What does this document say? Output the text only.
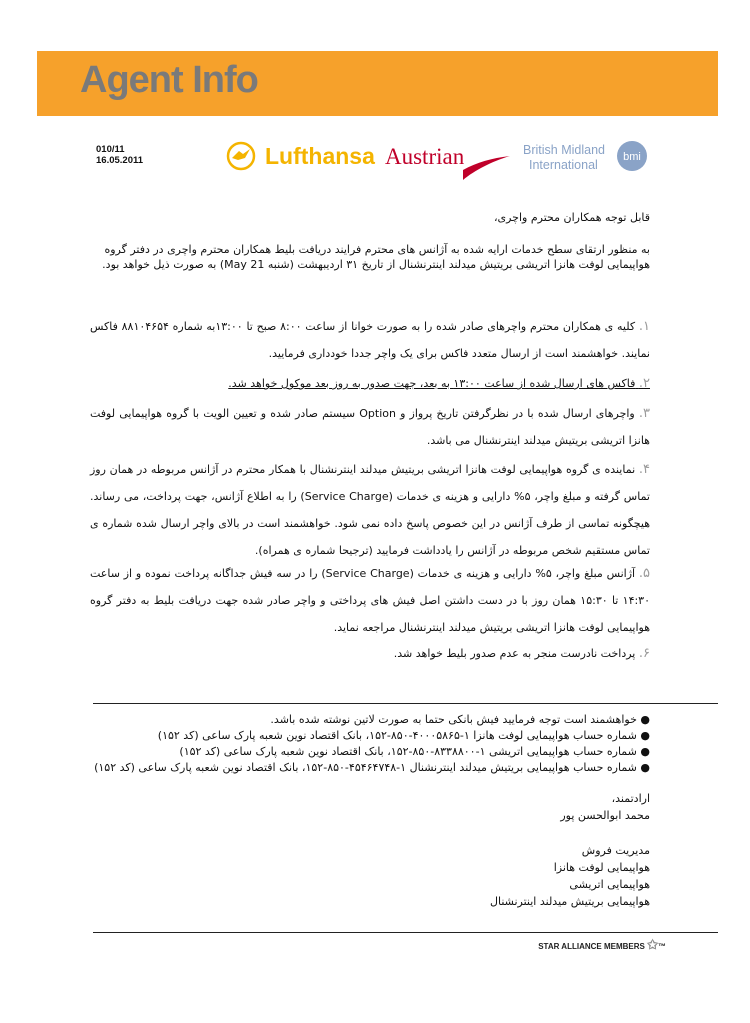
Agent Info
010/11
16.05.2011	Lufthansa Austrian	British Midland
International
bmi
قابل توجه همکاران محترم واچری،
به منظور ارتقای سطح خدمات ارایه شده به آژانس های محترم فرایند دریافت بلیط همکاران محترم واچری در دفتر گروه هواپیمایی لوفت هانزا اتریشی بریتیش میدلند اینترنشنال از تاریخ ۳۱ اردیبهشت (شنبه 21 May) به صورت ذیل خواهد بود.
۱. کلیه ی همکاران محترم واچرهای صادر شده را به صورت خوانا از ساعت ۸:۰۰ صبح تا ۱۳:۰۰به شماره ۸۸۱۰۴۶۵۴ فاکس نمایند. خواهشمند است از ارسال متعدد فاکس برای یک واچر جددا خودداری فرمایید.
۲. فاکس های ارسال شده از ساعت ۱۳:۰۰ به بعد، جهت صدور به روز بعد موکول خواهد شد.
۳. واچرهای ارسال شده با در نظرگرفتن تاریخ پرواز و Option سیستم صادر شده و تعیین الویت با گروه هواپیمایی لوفت هانزا اتریشی بریتیش میدلند اینترنشنال می باشد.
۴. نماینده ی گروه هواپیمایی لوفت هانزا اتریشی بریتیش میدلند اینترنشنال با همکار محترم در آژانس مربوطه در همان روز تماس گرفته و مبلغ واچر، ۵% دارایی و هزینه ی خدمات (Service Charge) را به اطلاع آژانس، جهت پرداخت، می رساند. هیچگونه تماسی از طرف آژانس در این خصوص پاسخ داده نمی شود. خواهشمند است در بالای واچر ارسال شده شماره ی تماس مستقیم شخص مربوطه در آژانس را یادداشت فرمایید (ترجیحا شماره ی همراه).
۵. آژانس مبلغ واچر، ۵% دارایی و هزینه ی خدمات (Service Charge) را در سه فیش جداگانه پرداخت نموده و از ساعت ۱۴:۳۰ تا ۱۵:۳۰ همان روز با در دست داشتن اصل فیش های پرداختی و واچر صادر شده جهت دریافت بلیط به دفتر گروه هواپیمایی لوفت هانزا اتریشی بریتیش میدلند اینترنشنال مراجعه نماید.
۶. پرداخت نادرست منجر به عدم صدور بلیط خواهد شد.
● خواهشمند است توجه فرمایید فیش بانکی حتما به صورت لاتین نوشته شده باشد.
● شماره حساب هواپیمایی لوفت هانزا ۱-۴۰۰۰۵۸۶۵-۸۵۰-۱۵۲، بانک اقتصاد نوین شعبه پارک ساعی (کد ۱۵۲)
● شماره حساب هواپیمایی اتریشی ۱-۸۳۳۸۸۰۰-۸۵۰-۱۵۲، بانک اقتصاد نوین شعبه پارک ساعی (کد ۱۵۲)
● شماره حساب هواپیمایی بریتیش میدلند اینترنشنال ۱-۴۵۴۶۴۷۴۸-۸۵۰-۱۵۲، بانک اقتصاد نوین شعبه پارک ساعی (کد ۱۵۲)
ارادتمند،
محمد ابوالحسن پور
مدیریت فروش
هواپیمایی لوفت هانزا
هواپیمایی اتریشی
هواپیمایی بریتیش میدلند اینترنشنال
STAR ALLIANCE MEMBERS ✩™
